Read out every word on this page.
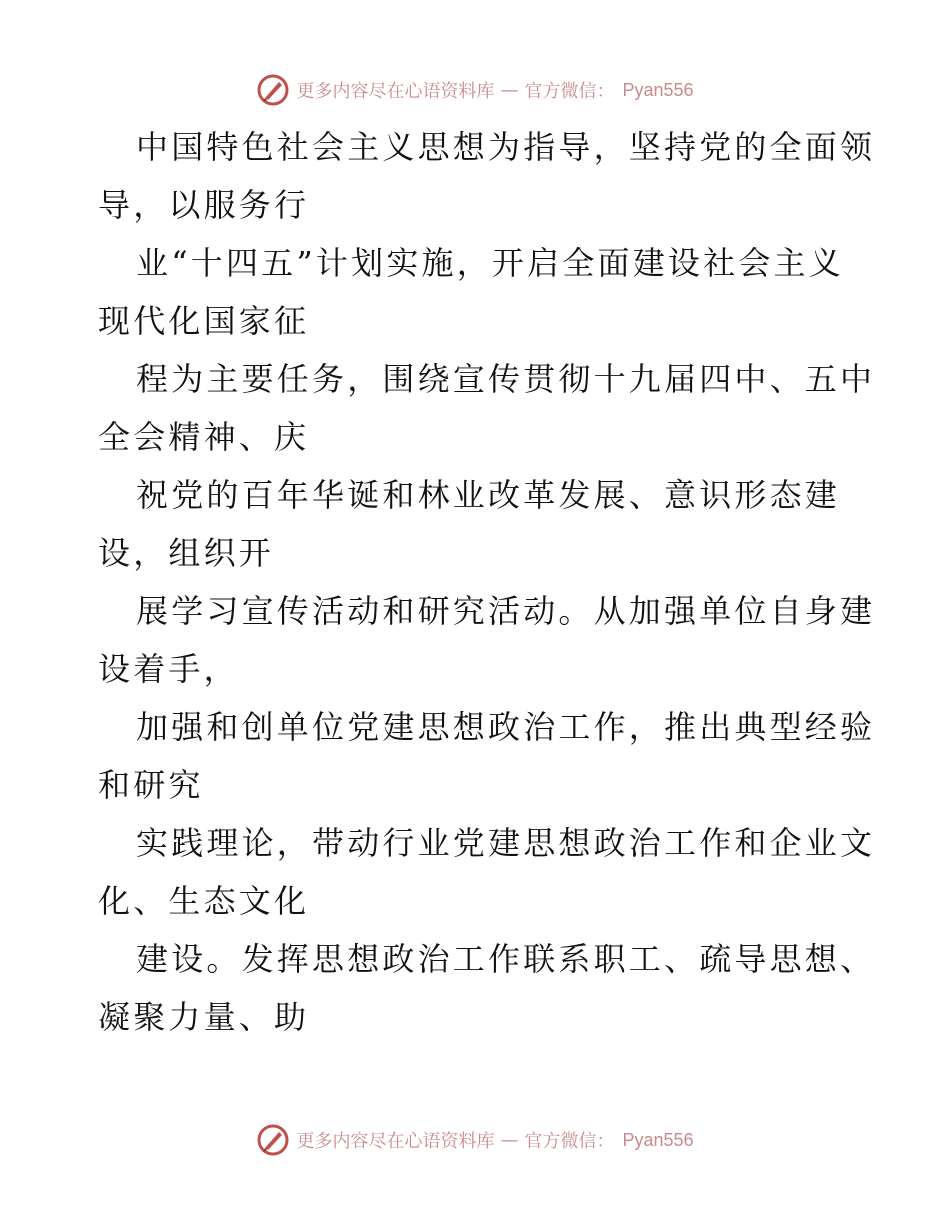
更多内容尽在心语资料库 — 官方微信： Pyan556
中国特色社会主义思想为指导，坚持党的全面领
导，以服务行
业“十四五”计划实施，开启全面建设社会主义
现代化国家征
程为主要任务，围绕宣传贯彻十九届四中、五中
全会精神、庆
祝党的百年华诞和林业改革发展、意识形态建
设，组织开
展学习宣传活动和研究活动。从加强单位自身建
设着手，
加强和创单位党建思想政治工作，推出典型经验
和研究
实践理论，带动行业党建思想政治工作和企业文
化、生态文化
建设。发挥思想政治工作联系职工、疏导思想、
凝聚力量、助
更多内容尽在心语资料库 — 官方微信： Pyan556
